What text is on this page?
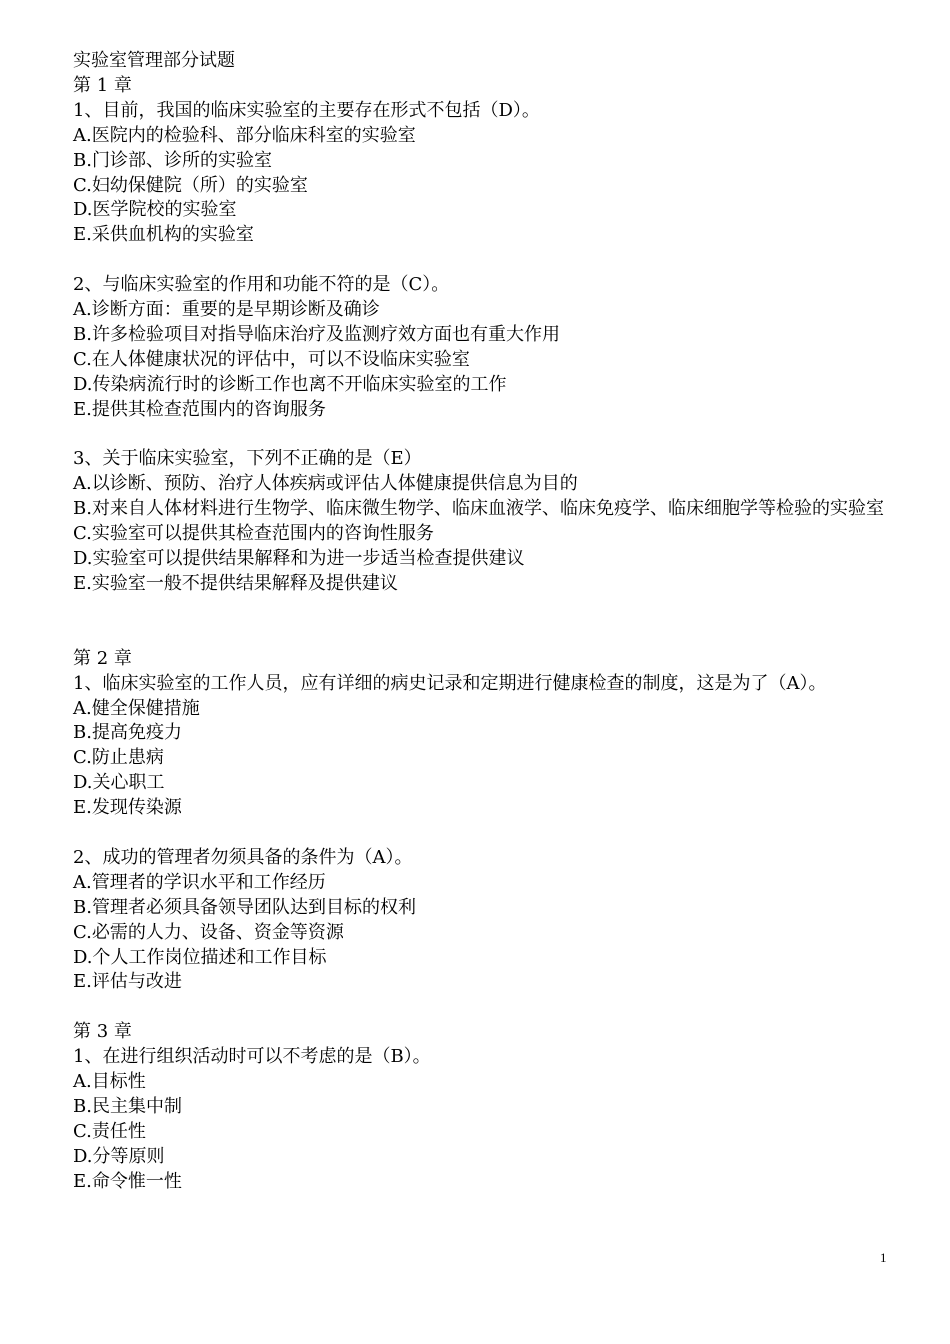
实验室管理部分试题
第 1 章
1、目前，我国的临床实验室的主要存在形式不包括（D）。
A.医院内的检验科、部分临床科室的实验室
B.门诊部、诊所的实验室
C.妇幼保健院（所）的实验室
D.医学院校的实验室
E.采供血机构的实验室
2、与临床实验室的作用和功能不符的是（C）。
A.诊断方面：重要的是早期诊断及确诊
B.许多检验项目对指导临床治疗及监测疗效方面也有重大作用
C.在人体健康状况的评估中，可以不设临床实验室
D.传染病流行时的诊断工作也离不开临床实验室的工作
E.提供其检查范围内的咨询服务
3、关于临床实验室，下列不正确的是（E）
A.以诊断、预防、治疗人体疾病或评估人体健康提供信息为目的
B.对来自人体材料进行生物学、临床微生物学、临床血液学、临床免疫学、临床细胞学等检验的实验室
C.实验室可以提供其检查范围内的咨询性服务
D.实验室可以提供结果解释和为进一步适当检查提供建议
E.实验室一般不提供结果解释及提供建议
第 2 章
1、临床实验室的工作人员，应有详细的病史记录和定期进行健康检查的制度，这是为了（A）。
A.健全保健措施
B.提高免疫力
C.防止患病
D.关心职工
E.发现传染源
2、成功的管理者勿须具备的条件为（A）。
A.管理者的学识水平和工作经历
B.管理者必须具备领导团队达到目标的权利
C.必需的人力、设备、资金等资源
D.个人工作岗位描述和工作目标
E.评估与改进
第 3 章
1、在进行组织活动时可以不考虑的是（B）。
A.目标性
B.民主集中制
C.责任性
D.分等原则
E.命令惟一性
1
